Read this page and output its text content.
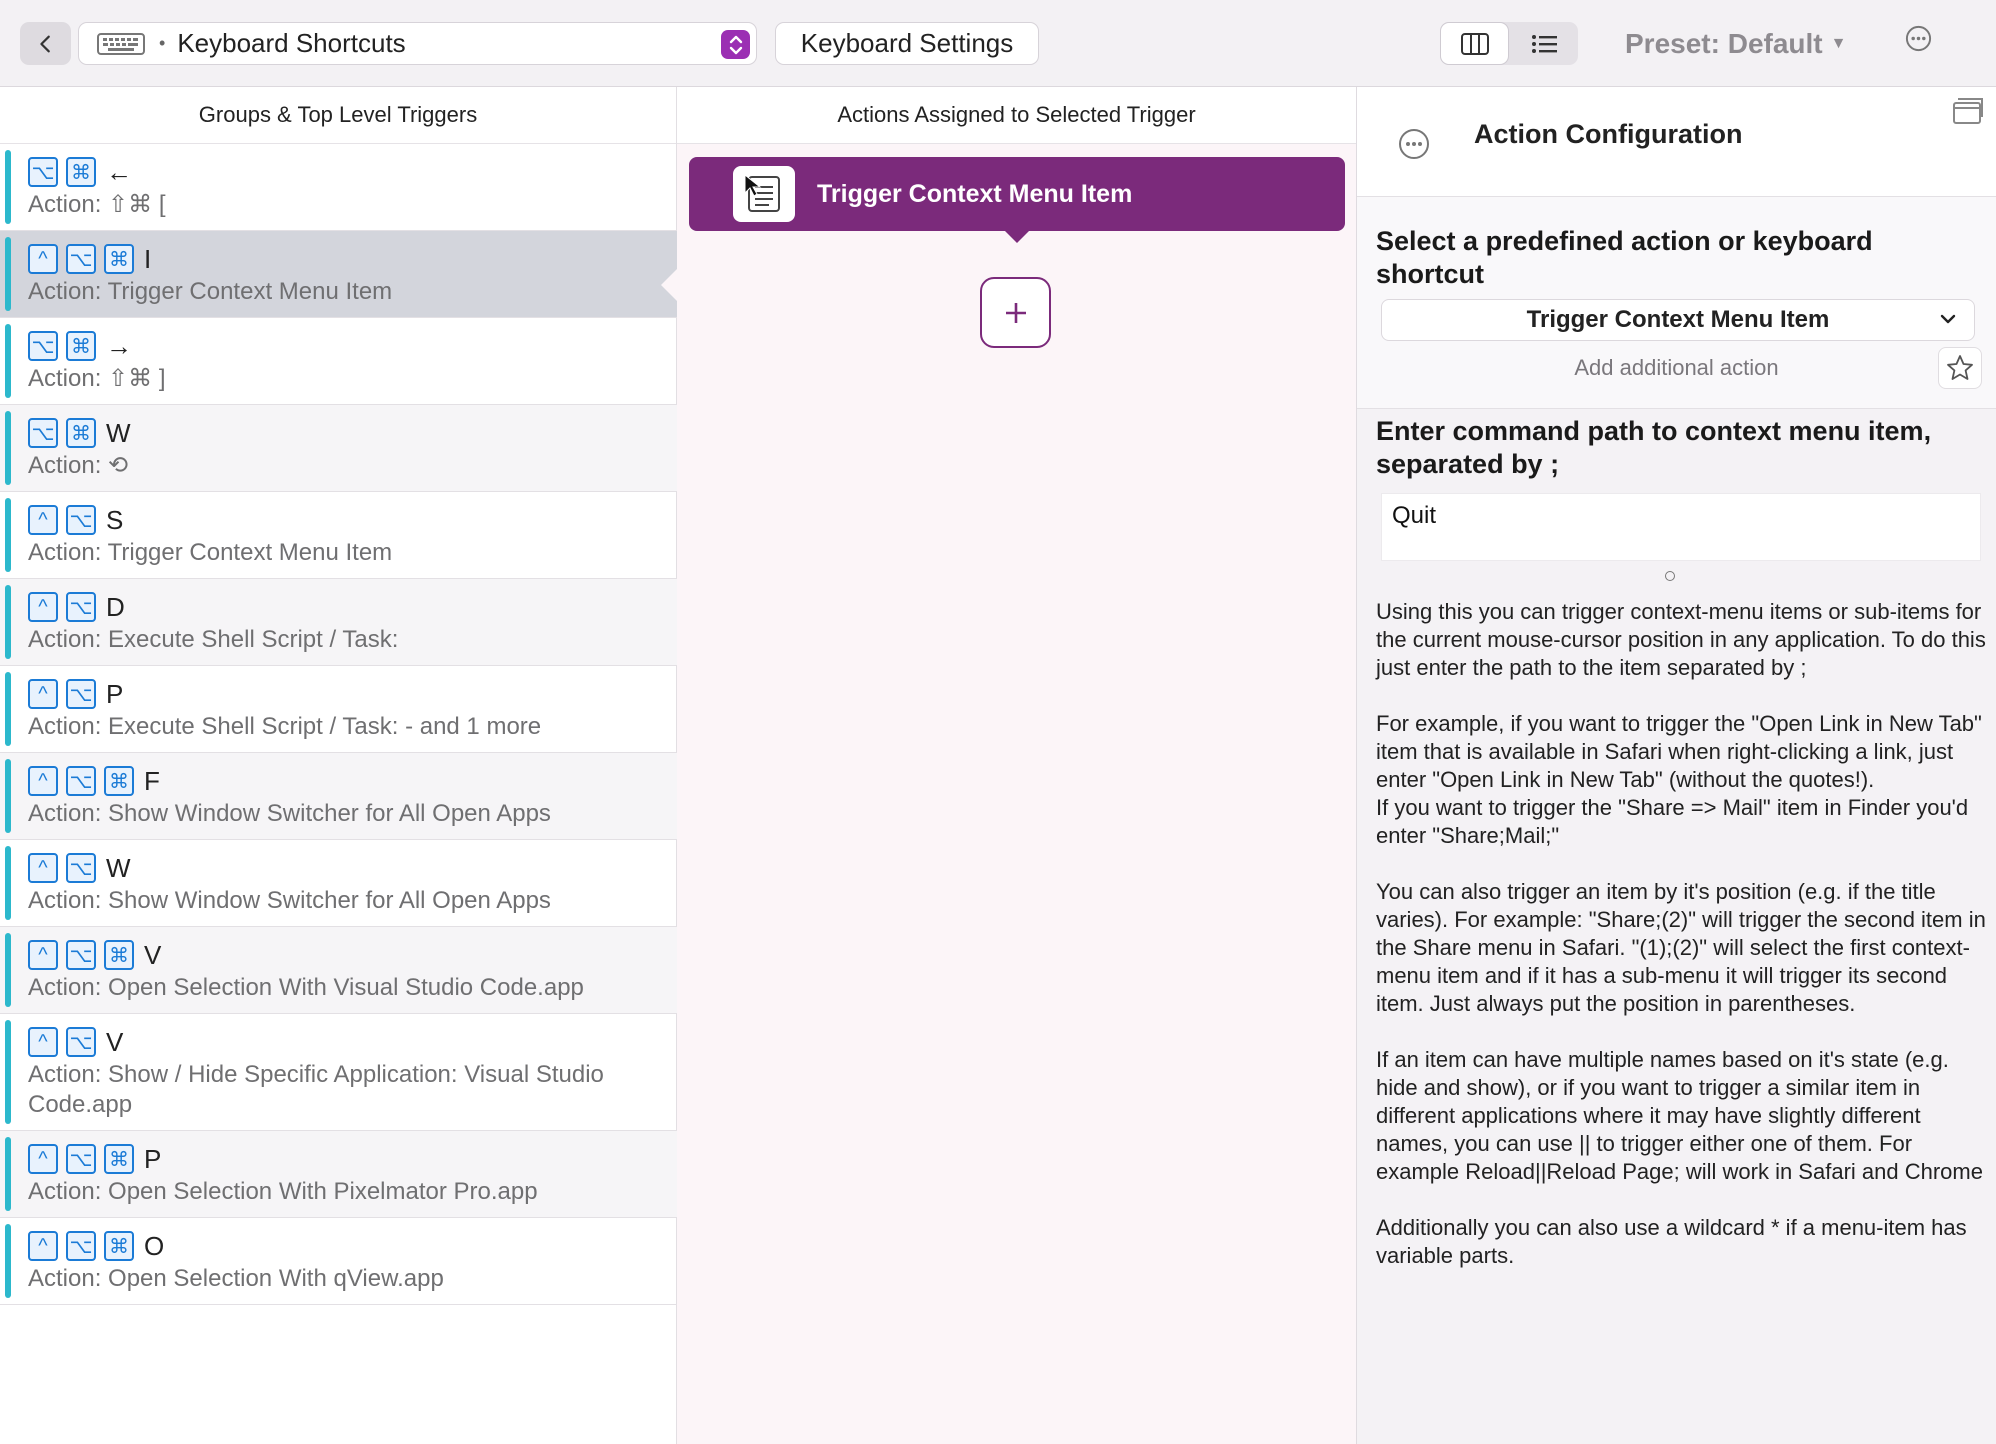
• Keyboard Shortcuts	Keyboard Settings	Preset: Default ▼
Groups & Top Level Triggers
⌥ ⌘ ←
Action: ⇧⌘ [
^	⌥ ⌘ I
Action: Trigger Context Menu Item
⌥ ⌘ →
Action: ⇧⌘ ]
⌥ ⌘ W
Action: ⟲
^	⌥ S
Action: Trigger Context Menu Item
^	⌥ D
Action: Execute Shell Script / Task:
^	⌥ P
Action: Execute Shell Script / Task: - and 1 more
^	⌥ ⌘ F
Action: Show Window Switcher for All Open Apps
^	⌥ W
Action: Show Window Switcher for All Open Apps
^	⌥ ⌘ V
Action: Open Selection With Visual Studio Code.app
^	⌥ V
Action: Show / Hide Specific Application: Visual Studio Code.app
^	⌥ ⌘ P
Action: Open Selection With Pixelmator Pro.app
^	⌥ ⌘ O
Action: Open Selection With qView.app
Actions Assigned to Selected Trigger
Trigger Context Menu Item
Action Configuration
Select a predefined action or keyboard shortcut
Trigger Context Menu Item
Add additional action
Enter command path to context menu item, separated by ;
Quit

Using this you can trigger context-menu items or sub-items for the current mouse-cursor position in any application. To do this just enter the path to the item separated by ;

For example, if you want to trigger the "Open Link in New Tab" item that is available in Safari when right-clicking a link, just enter "Open Link in New Tab" (without the quotes!).
If you want to trigger the "Share => Mail" item in Finder you'd enter "Share;Mail;"

You can also trigger an item by it's position (e.g. if the title varies). For example: "Share;(2)" will trigger the second item in the Share menu in Safari. "(1);(2)" will select the first context-menu item and if it has a sub-menu it will trigger its second item. Just always put the position in parentheses.

If an item can have multiple names based on it's state (e.g. hide and show), or if you want to trigger a similar item in different applications where it may have slightly different names, you can use || to trigger either one of them. For example Reload||Reload Page; will work in Safari and Chrome

Additionally you can also use a wildcard * if a menu-item has variable parts.
